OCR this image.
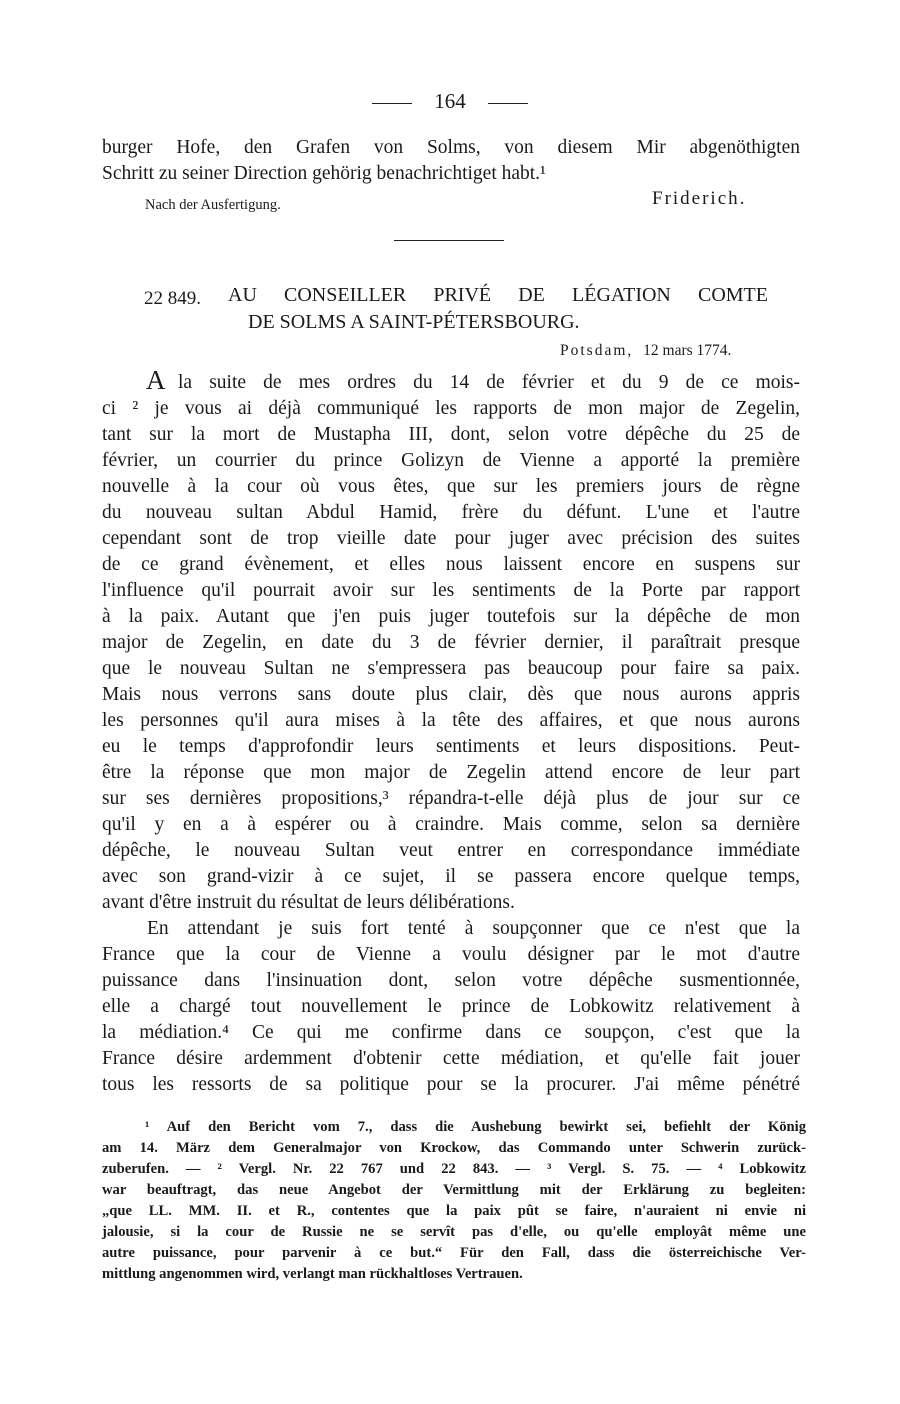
164
burger Hofe, den Grafen von Solms, von diesem Mir abgenöthigten
Schritt zu seiner Direction gehörig benachrichtiget habt.¹
Nach der Ausfertigung.	Friderich.
22 849. AU CONSEILLER PRIVÉ DE LÉGATION COMTE
DE SOLMS A SAINT-PÉTERSBOURG.
Potsdam, 12 mars 1774.
A la suite de mes ordres du 14 de février et du 9 de ce mois-
ci ² je vous ai déjà communiqué les rapports de mon major de Zegelin,
tant sur la mort de Mustapha III, dont, selon votre dépêche du 25 de
février, un courrier du prince Golizyn de Vienne a apporté la première
nouvelle à la cour où vous êtes, que sur les premiers jours de règne
du nouveau sultan Abdul Hamid, frère du défunt. L'une et l'autre
cependant sont de trop vieille date pour juger avec précision des suites
de ce grand évènement, et elles nous laissent encore en suspens sur
l'influence qu'il pourrait avoir sur les sentiments de la Porte par rapport
à la paix. Autant que j'en puis juger toutefois sur la dépêche de mon
major de Zegelin, en date du 3 de février dernier, il paraîtrait presque
que le nouveau Sultan ne s'empressera pas beaucoup pour faire sa paix.
Mais nous verrons sans doute plus clair, dès que nous aurons appris
les personnes qu'il aura mises à la tête des affaires, et que nous aurons
eu le temps d'approfondir leurs sentiments et leurs dispositions. Peut-
être la réponse que mon major de Zegelin attend encore de leur part
sur ses dernières propositions,³ répandra-t-elle déjà plus de jour sur ce
qu'il y en a à espérer ou à craindre. Mais comme, selon sa dernière
dépêche, le nouveau Sultan veut entrer en correspondance immédiate
avec son grand-vizir à ce sujet, il se passera encore quelque temps,
avant d'être instruit du résultat de leurs délibérations.
En attendant je suis fort tenté à soupçonner que ce n'est que la
France que la cour de Vienne a voulu désigner par le mot d'autre
puissance dans l'insinuation dont, selon votre dépêche susmentionnée,
elle a chargé tout nouvellement le prince de Lobkowitz relativement à
la médiation.⁴ Ce qui me confirme dans ce soupçon, c'est que la
France désire ardemment d'obtenir cette médiation, et qu'elle fait jouer
tous les ressorts de sa politique pour se la procurer. J'ai même pénétré
¹ Auf den Bericht vom 7., dass die Aushebung bewirkt sei, befiehlt der König
am 14. März dem Generalmajor von Krockow, das Commando unter Schwerin zurück-
zuberufen. — ² Vergl. Nr. 22 767 und 22 843. — ³ Vergl. S. 75. — ⁴ Lobkowitz
war beauftragt, das neue Angebot der Vermittlung mit der Erklärung zu begleiten:
„que LL. MM. II. et R., contentes que la paix pût se faire, n'auraient ni envie ni
jalousie, si la cour de Russie ne se servît pas d'elle, ou qu'elle employât même une
autre puissance, pour parvenir à ce but.“ Für den Fall, dass die österreichische Ver-
mittlung angenommen wird, verlangt man rückhaltloses Vertrauen.
